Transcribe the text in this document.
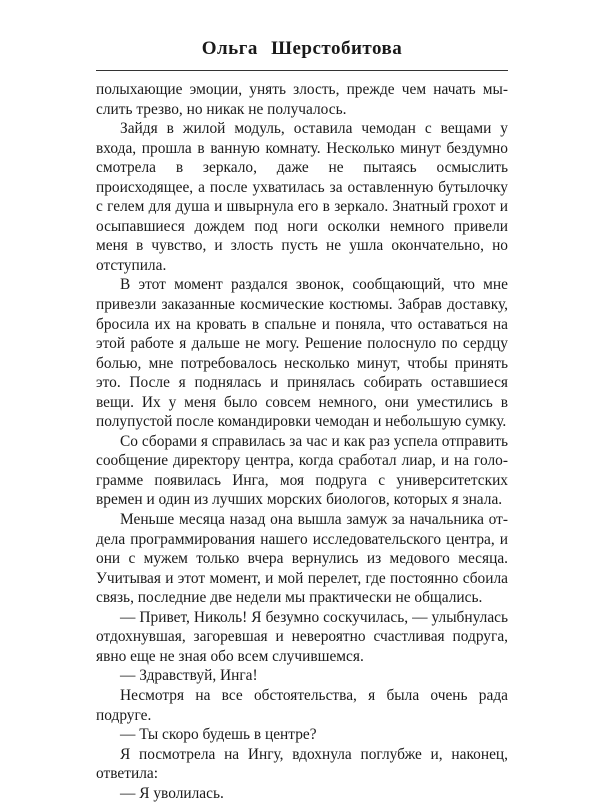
Ольга Шерстобитова

полыхающие эмоции, унять злость, прежде чем начать мыслить трезво, но никак не получалось.

Зайдя в жилой модуль, оставила чемодан с вещами у входа, прошла в ванную комнату. Несколько минут бездумно смотрела в зеркало, даже не пытаясь осмыслить происходящее, а после ухватилась за оставленную бутылочку с гелем для душа и швырнула его в зеркало. Знатный грохот и осыпавшиеся дождем под ноги осколки немного привели меня в чувство, и злость пусть не ушла окончательно, но отступила.

В этот момент раздался звонок, сообщающий, что мне привезли заказанные космические костюмы. Забрав доставку, бросила их на кровать в спальне и поняла, что оставаться на этой работе я дальше не могу. Решение полоснуло по сердцу болью, мне потребовалось несколько минут, чтобы принять это. После я поднялась и принялась собирать оставшиеся вещи. Их у меня было совсем немного, они уместились в полупустой после командировки чемодан и небольшую сумку.

Со сборами я справилась за час и как раз успела отправить сообщение директору центра, когда сработал лиар, и на голограмме появилась Инга, моя подруга с университетских времен и один из лучших морских биологов, которых я знала.

Меньше месяца назад она вышла замуж за начальника отдела программирования нашего исследовательского центра, и они с мужем только вчера вернулись из медового месяца. Учитывая и этот момент, и мой перелет, где постоянно сбоила связь, последние две недели мы практически не общались.

— Привет, Николь! Я безумно соскучилась, — улыбнулась отдохнувшая, загоревшая и невероятно счастливая подруга, явно еще не зная обо всем случившемся.

— Здравствуй, Инга!

Несмотря на все обстоятельства, я была очень рада подруге.

— Ты скоро будешь в центре?

Я посмотрела на Ингу, вдохнула поглубже и, наконец, ответила:

— Я уволилась.
